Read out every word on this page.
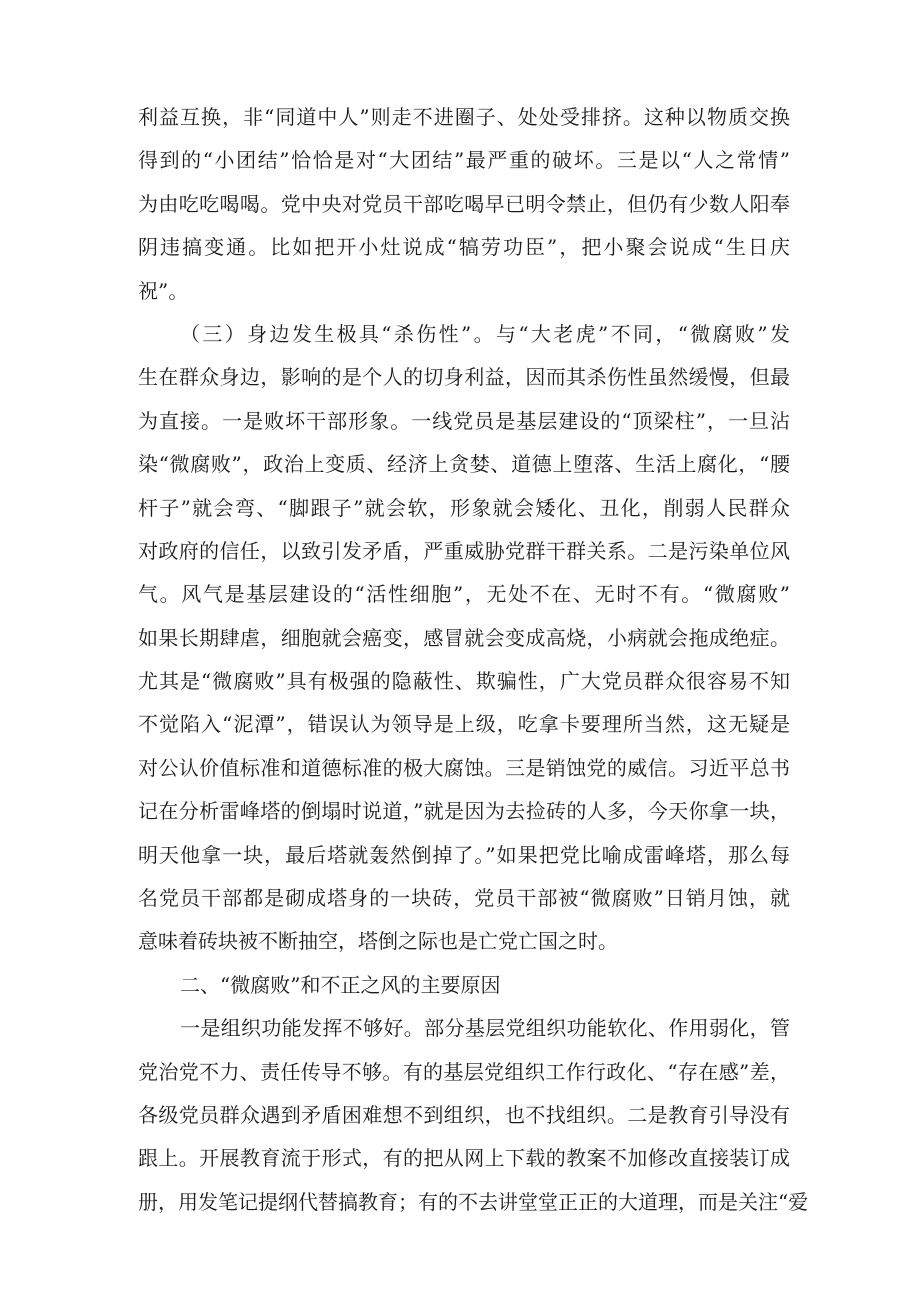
利益互换，非“同道中人”则走不进圈子、处处受排挤。这种以物质交换
得到的“小团结”恰恰是对“大团结”最严重的破坏。三是以“人之常情”
为由吃吃喝喝。党中央对党员干部吃喝早已明令禁止，但仍有少数人阳奉
阴违搞变通。比如把开小灶说成“犒劳功臣”，把小聚会说成“生日庆
祝”。
（三）身边发生极具“杀伤性”。与“大老虎”不同，“微腐败”发
生在群众身边，影响的是个人的切身利益，因而其杀伤性虽然缓慢，但最
为直接。一是败坏干部形象。一线党员是基层建设的“顶梁柱”，一旦沾
染“微腐败”，政治上变质、经济上贪婪、道德上堕落、生活上腐化，“腰
杆子”就会弯、“脚跟子”就会软，形象就会矮化、丑化，削弱人民群众
对政府的信任，以致引发矛盾，严重威胁党群干群关系。二是污染单位风
气。风气是基层建设的“活性细胞”，无处不在、无时不有。“微腐败”
如果长期肆虐，细胞就会癌变，感冒就会变成高烧，小病就会拖成绝症。
尤其是“微腐败”具有极强的隐蔽性、欺骗性，广大党员群众很容易不知
不觉陷入“泥潭”，错误认为领导是上级，吃拿卡要理所当然，这无疑是
对公认价值标准和道德标准的极大腐蚀。三是销蚀党的威信。习近平总书
记在分析雷峰塔的倒塌时说道，”就是因为去捡砖的人多，今天你拿一块，
明天他拿一块，最后塔就轰然倒掉了。”如果把党比喻成雷峰塔，那么每
名党员干部都是砌成塔身的一块砖，党员干部被“微腐败”日销月蚀，就
意味着砖块被不断抽空，塔倒之际也是亡党亡国之时。
二、“微腐败”和不正之风的主要原因
一是组织功能发挥不够好。部分基层党组织功能软化、作用弱化，管
党治党不力、责任传导不够。有的基层党组织工作行政化、“存在感”差，
各级党员群众遇到矛盾困难想不到组织，也不找组织。二是教育引导没有
跟上。开展教育流于形式，有的把从网上下载的教案不加修改直接装订成
册，用发笔记提纲代替搞教育；有的不去讲堂堂正正的大道理，而是关注“爱
